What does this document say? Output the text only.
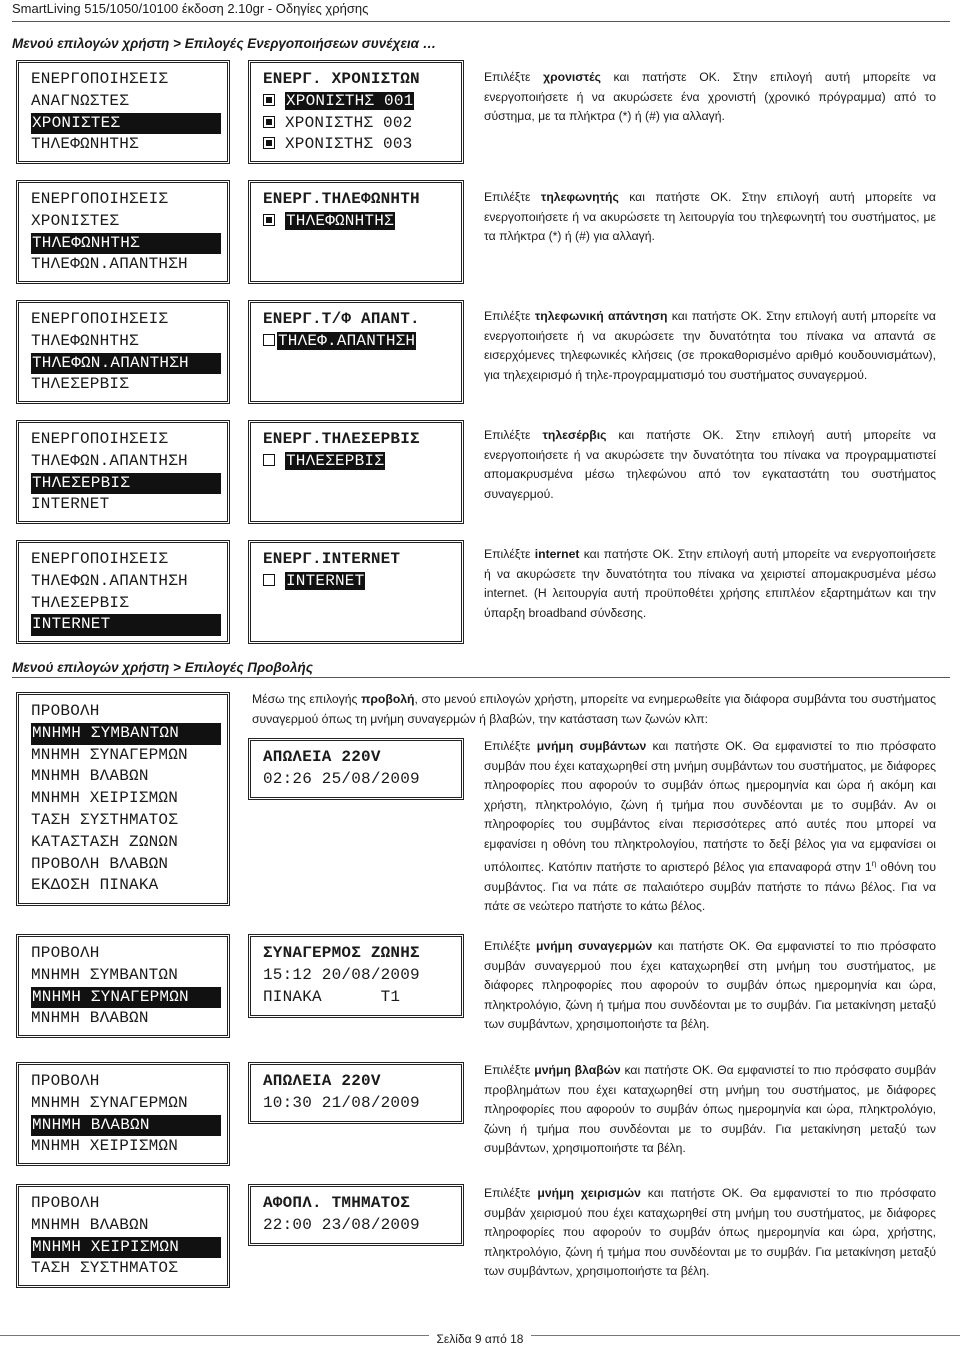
SmartLiving 515/1050/10100 έκδοση 2.10gr - Οδηγίες χρήσης
Μενού επιλογών χρήστη > Επιλογές Ενεργοποιήσεων συνέχεια …
ΕΝΕΡΓΟΠΟΙΗΣΕΙΣ
ΑΝΑΓΝΩΣΤΕΣ
ΧΡΟΝΙΣΤΕΣ
ΤΗΛΕΦΩΝΗΤΗΣ
ΕΝΕΡΓ. ΧΡΟΝΙΣΤΩΝ
ΧΡΟΝΙΣΤΗΣ 001
ΧΡΟΝΙΣΤΗΣ 002
ΧΡΟΝΙΣΤΗΣ 003
Επιλέξτε χρονιστές και πατήστε ΟΚ. Στην επιλογή αυτή μπορείτε να ενεργοποιήσετε ή να ακυρώσετε ένα χρονιστή (χρονικό πρόγραμμα) από το σύστημα, με τα πλήκτρα (*) ή (#) για αλλαγή.
ΕΝΕΡΓΟΠΟΙΗΣΕΙΣ
ΧΡΟΝΙΣΤΕΣ
ΤΗΛΕΦΩΝΗΤΗΣ
ΤΗΛΕΦΩΝ.ΑΠΑΝΤΗΣΗ
ΕΝΕΡΓ.ΤΗΛΕΦΩΝΗΤΗ
ΤΗΛΕΦΩΝΗΤΗΣ
Επιλέξτε τηλεφωνητής και πατήστε ΟΚ. Στην επιλογή αυτή μπορείτε να ενεργοποιήσετε ή να ακυρώσετε τη λειτουργία του τηλεφωνητή του συστήματος, με τα πλήκτρα (*) ή (#) για αλλαγή.
ΕΝΕΡΓΟΠΟΙΗΣΕΙΣ
ΤΗΛΕΦΩΝΗΤΗΣ
ΤΗΛΕΦΩΝ.ΑΠΑΝΤΗΣΗ
ΤΗΛΕΣΕΡΒΙΣ
ΕΝΕΡΓ.Τ/Φ ΑΠΑΝΤ.
ΤΗΛΕΦ.ΑΠΑΝΤΗΣΗ
Επιλέξτε τηλεφωνική απάντηση και πατήστε ΟΚ. Στην επιλογή αυτή μπορείτε να ενεργοποιήσετε ή να ακυρώσετε την δυνατότητα του πίνακα να απαντά σε εισερχόμενες τηλεφωνικές κλήσεις (σε προκαθορισμένο αριθμό κουδουνισμάτων), για τηλεχειρισμό ή τηλε-προγραμματισμό του συστήματος συναγερμού.
ΕΝΕΡΓΟΠΟΙΗΣΕΙΣ
ΤΗΛΕΦΩΝ.ΑΠΑΝΤΗΣΗ
ΤΗΛΕΣΕΡΒΙΣ
INTERNET
ΕΝΕΡΓ.ΤΗΛΕΣΕΡΒΙΣ
ΤΗΛΕΣΕΡΒΙΣ
Επιλέξτε τηλεσέρβις και πατήστε ΟΚ. Στην επιλογή αυτή μπορείτε να ενεργοποιήσετε ή να ακυρώσετε την δυνατότητα του πίνακα να προγραμματιστεί απομακρυσμένα μέσω τηλεφώνου από τον εγκαταστάτη του συστήματος συναγερμού.
ΕΝΕΡΓΟΠΟΙΗΣΕΙΣ
ΤΗΛΕΦΩΝ.ΑΠΑΝΤΗΣΗ
ΤΗΛΕΣΕΡΒΙΣ
INTERNET
ΕΝΕΡΓ.INTERNET
INTERNET
Επιλέξτε internet και πατήστε ΟΚ. Στην επιλογή αυτή μπορείτε να ενεργοποιήσετε ή να ακυρώσετε την δυνατότητα του πίνακα να χειριστεί απομακρυσμένα μέσω internet. (Η λειτουργία αυτή προϋποθέτει χρήσης επιπλέον εξαρτημάτων και την ύπαρξη broadband σύνδεσης.
Μενού επιλογών χρήστη > Επιλογές Προβολής
Μέσω της επιλογής προβολή, στο μενού επιλογών χρήστη, μπορείτε να ενημερωθείτε για διάφορα συμβάντα του συστήματος συναγερμού όπως τη μνήμη συναγερμών ή βλαβών, την κατάσταση των ζωνών κλπ:
ΠΡΟΒΟΛΗ
ΜΝΗΜΗ ΣΥΜΒΑΝΤΩΝ
ΜΝΗΜΗ ΣΥΝΑΓΕΡΜΩΝ
ΜΝΗΜΗ ΒΛΑΒΩΝ
ΜΝΗΜΗ ΧΕΙΡΙΣΜΩΝ
ΤΑΣΗ ΣΥΣΤΗΜΑΤΟΣ
ΚΑΤΑΣΤΑΣΗ ΖΩΝΩΝ
ΠΡΟΒΟΛΗ ΒΛΑΒΩΝ
ΕΚΔΟΣΗ ΠΙΝΑΚΑ
ΑΠΩΛΕΙΑ 220V
02:26 25/08/2009
Επιλέξτε μνήμη συμβάντων και πατήστε ΟΚ. Θα εμφανιστεί το πιο πρόσφατο συμβάν που έχει καταχωρηθεί στη μνήμη συμβάντων του συστήματος, με διάφορες πληροφορίες που αφορούν το συμβάν όπως ημερομηνία και ώρα ή ακόμη και χρήστη, πληκτρολόγιο, ζώνη ή τμήμα που συνδέονται με το συμβάν. Αν οι πληροφορίες του συμβάντος είναι περισσότερες από αυτές που μπορεί να εμφανίσει η οθόνη του πληκτρολογίου, πατήστε το δεξί βέλος για να εμφανίσει οι υπόλοιπες. Κατόπιν πατήστε το αριστερό βέλος για επαναφορά στην $1^\eta$ οθόνη του συμβάντος. Για να πάτε σε παλαιότερο συμβάν πατήστε το πάνω βέλος. Για να πάτε σε νεώτερο πατήστε το κάτω βέλος.
ΠΡΟΒΟΛΗ
ΜΝΗΜΗ ΣΥΜΒΑΝΤΩΝ
ΜΝΗΜΗ ΣΥΝΑΓΕΡΜΩΝ
ΜΝΗΜΗ ΒΛΑΒΩΝ
ΣΥΝΑΓΕΡΜΟΣ ΖΩΝΗΣ
15:12 20/08/2009
ΠΙΝΑΚΑ      Τ1
Επιλέξτε μνήμη συναγερμών και πατήστε ΟΚ. Θα εμφανιστεί το πιο πρόσφατο συμβάν συναγερμού που έχει καταχωρηθεί στη μνήμη του συστήματος, με διάφορες πληροφορίες που αφορούν το συμβάν όπως ημερομηνία και ώρα, πληκτρολόγιο, ζώνη ή τμήμα που συνδέονται με το συμβάν. Για μετακίνηση μεταξύ των συμβάντων, χρησιμοποιήστε τα βέλη.
ΠΡΟΒΟΛΗ
ΜΝΗΜΗ ΣΥΝΑΓΕΡΜΩΝ
ΜΝΗΜΗ ΒΛΑΒΩΝ
ΜΝΗΜΗ ΧΕΙΡΙΣΜΩΝ
ΑΠΩΛΕΙΑ 220V
10:30 21/08/2009
Επιλέξτε μνήμη βλαβών και πατήστε ΟΚ. Θα εμφανιστεί το πιο πρόσφατο συμβάν προβλημάτων που έχει καταχωρηθεί στη μνήμη του συστήματος, με διάφορες πληροφορίες που αφορούν το συμβάν όπως ημερομηνία και ώρα, πληκτρολόγιο, ζώνη ή τμήμα που συνδέονται με το συμβάν. Για μετακίνηση μεταξύ των συμβάντων, χρησιμοποιήστε τα βέλη.
ΠΡΟΒΟΛΗ
ΜΝΗΜΗ ΒΛΑΒΩΝ
ΜΝΗΜΗ ΧΕΙΡΙΣΜΩΝ
ΤΑΣΗ ΣΥΣΤΗΜΑΤΟΣ
ΑΦΟΠΛ. ΤΜΗΜΑΤΟΣ
22:00 23/08/2009
Επιλέξτε μνήμη χειρισμών και πατήστε ΟΚ. Θα εμφανιστεί το πιο πρόσφατο συμβάν χειρισμού που έχει καταχωρηθεί στη μνήμη του συστήματος, με διάφορες πληροφορίες που αφορούν το συμβάν όπως ημερομηνία και ώρα, χρήστης, πληκτρολόγιο, ζώνη ή τμήμα που συνδέονται με το συμβάν. Για μετακίνηση μεταξύ των συμβάντων, χρησιμοποιήστε τα βέλη.
Σελίδα 9 από 18
